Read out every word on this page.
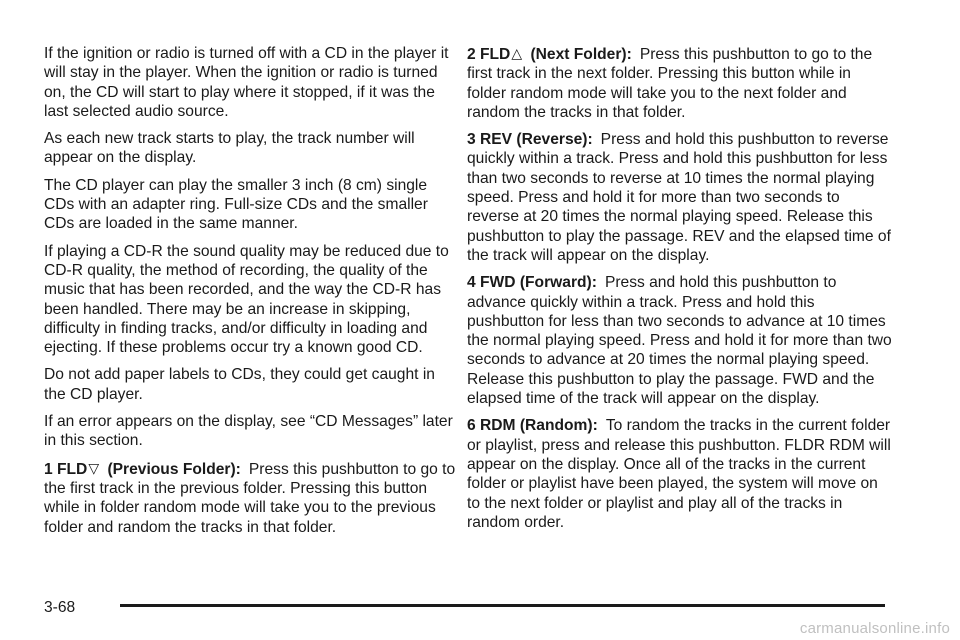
If the ignition or radio is turned off with a CD in the player it will stay in the player. When the ignition or radio is turned on, the CD will start to play where it stopped, if it was the last selected audio source.

As each new track starts to play, the track number will appear on the display.

The CD player can play the smaller 3 inch (8 cm) single CDs with an adapter ring. Full-size CDs and the smaller CDs are loaded in the same manner.

If playing a CD-R the sound quality may be reduced due to CD-R quality, the method of recording, the quality of the music that has been recorded, and the way the CD-R has been handled. There may be an increase in skipping, difficulty in finding tracks, and/or difficulty in loading and ejecting. If these problems occur try a known good CD.

Do not add paper labels to CDs, they could get caught in the CD player.

If an error appears on the display, see “CD Messages” later in this section.

1 FLD▽ (Previous Folder): Press this pushbutton to go to the first track in the previous folder. Pressing this button while in folder random mode will take you to the previous folder and random the tracks in that folder.

2 FLD△ (Next Folder): Press this pushbutton to go to the first track in the next folder. Pressing this button while in folder random mode will take you to the next folder and random the tracks in that folder.

3 REV (Reverse): Press and hold this pushbutton to reverse quickly within a track. Press and hold this pushbutton for less than two seconds to reverse at 10 times the normal playing speed. Press and hold it for more than two seconds to reverse at 20 times the normal playing speed. Release this pushbutton to play the passage. REV and the elapsed time of the track will appear on the display.

4 FWD (Forward): Press and hold this pushbutton to advance quickly within a track. Press and hold this pushbutton for less than two seconds to advance at 10 times the normal playing speed. Press and hold it for more than two seconds to advance at 20 times the normal playing speed. Release this pushbutton to play the passage. FWD and the elapsed time of the track will appear on the display.

6 RDM (Random): To random the tracks in the current folder or playlist, press and release this pushbutton. FLDR RDM will appear on the display. Once all of the tracks in the current folder or playlist have been played, the system will move on to the next folder or playlist and play all of the tracks in random order.

3-68
carmanualsonline.info
